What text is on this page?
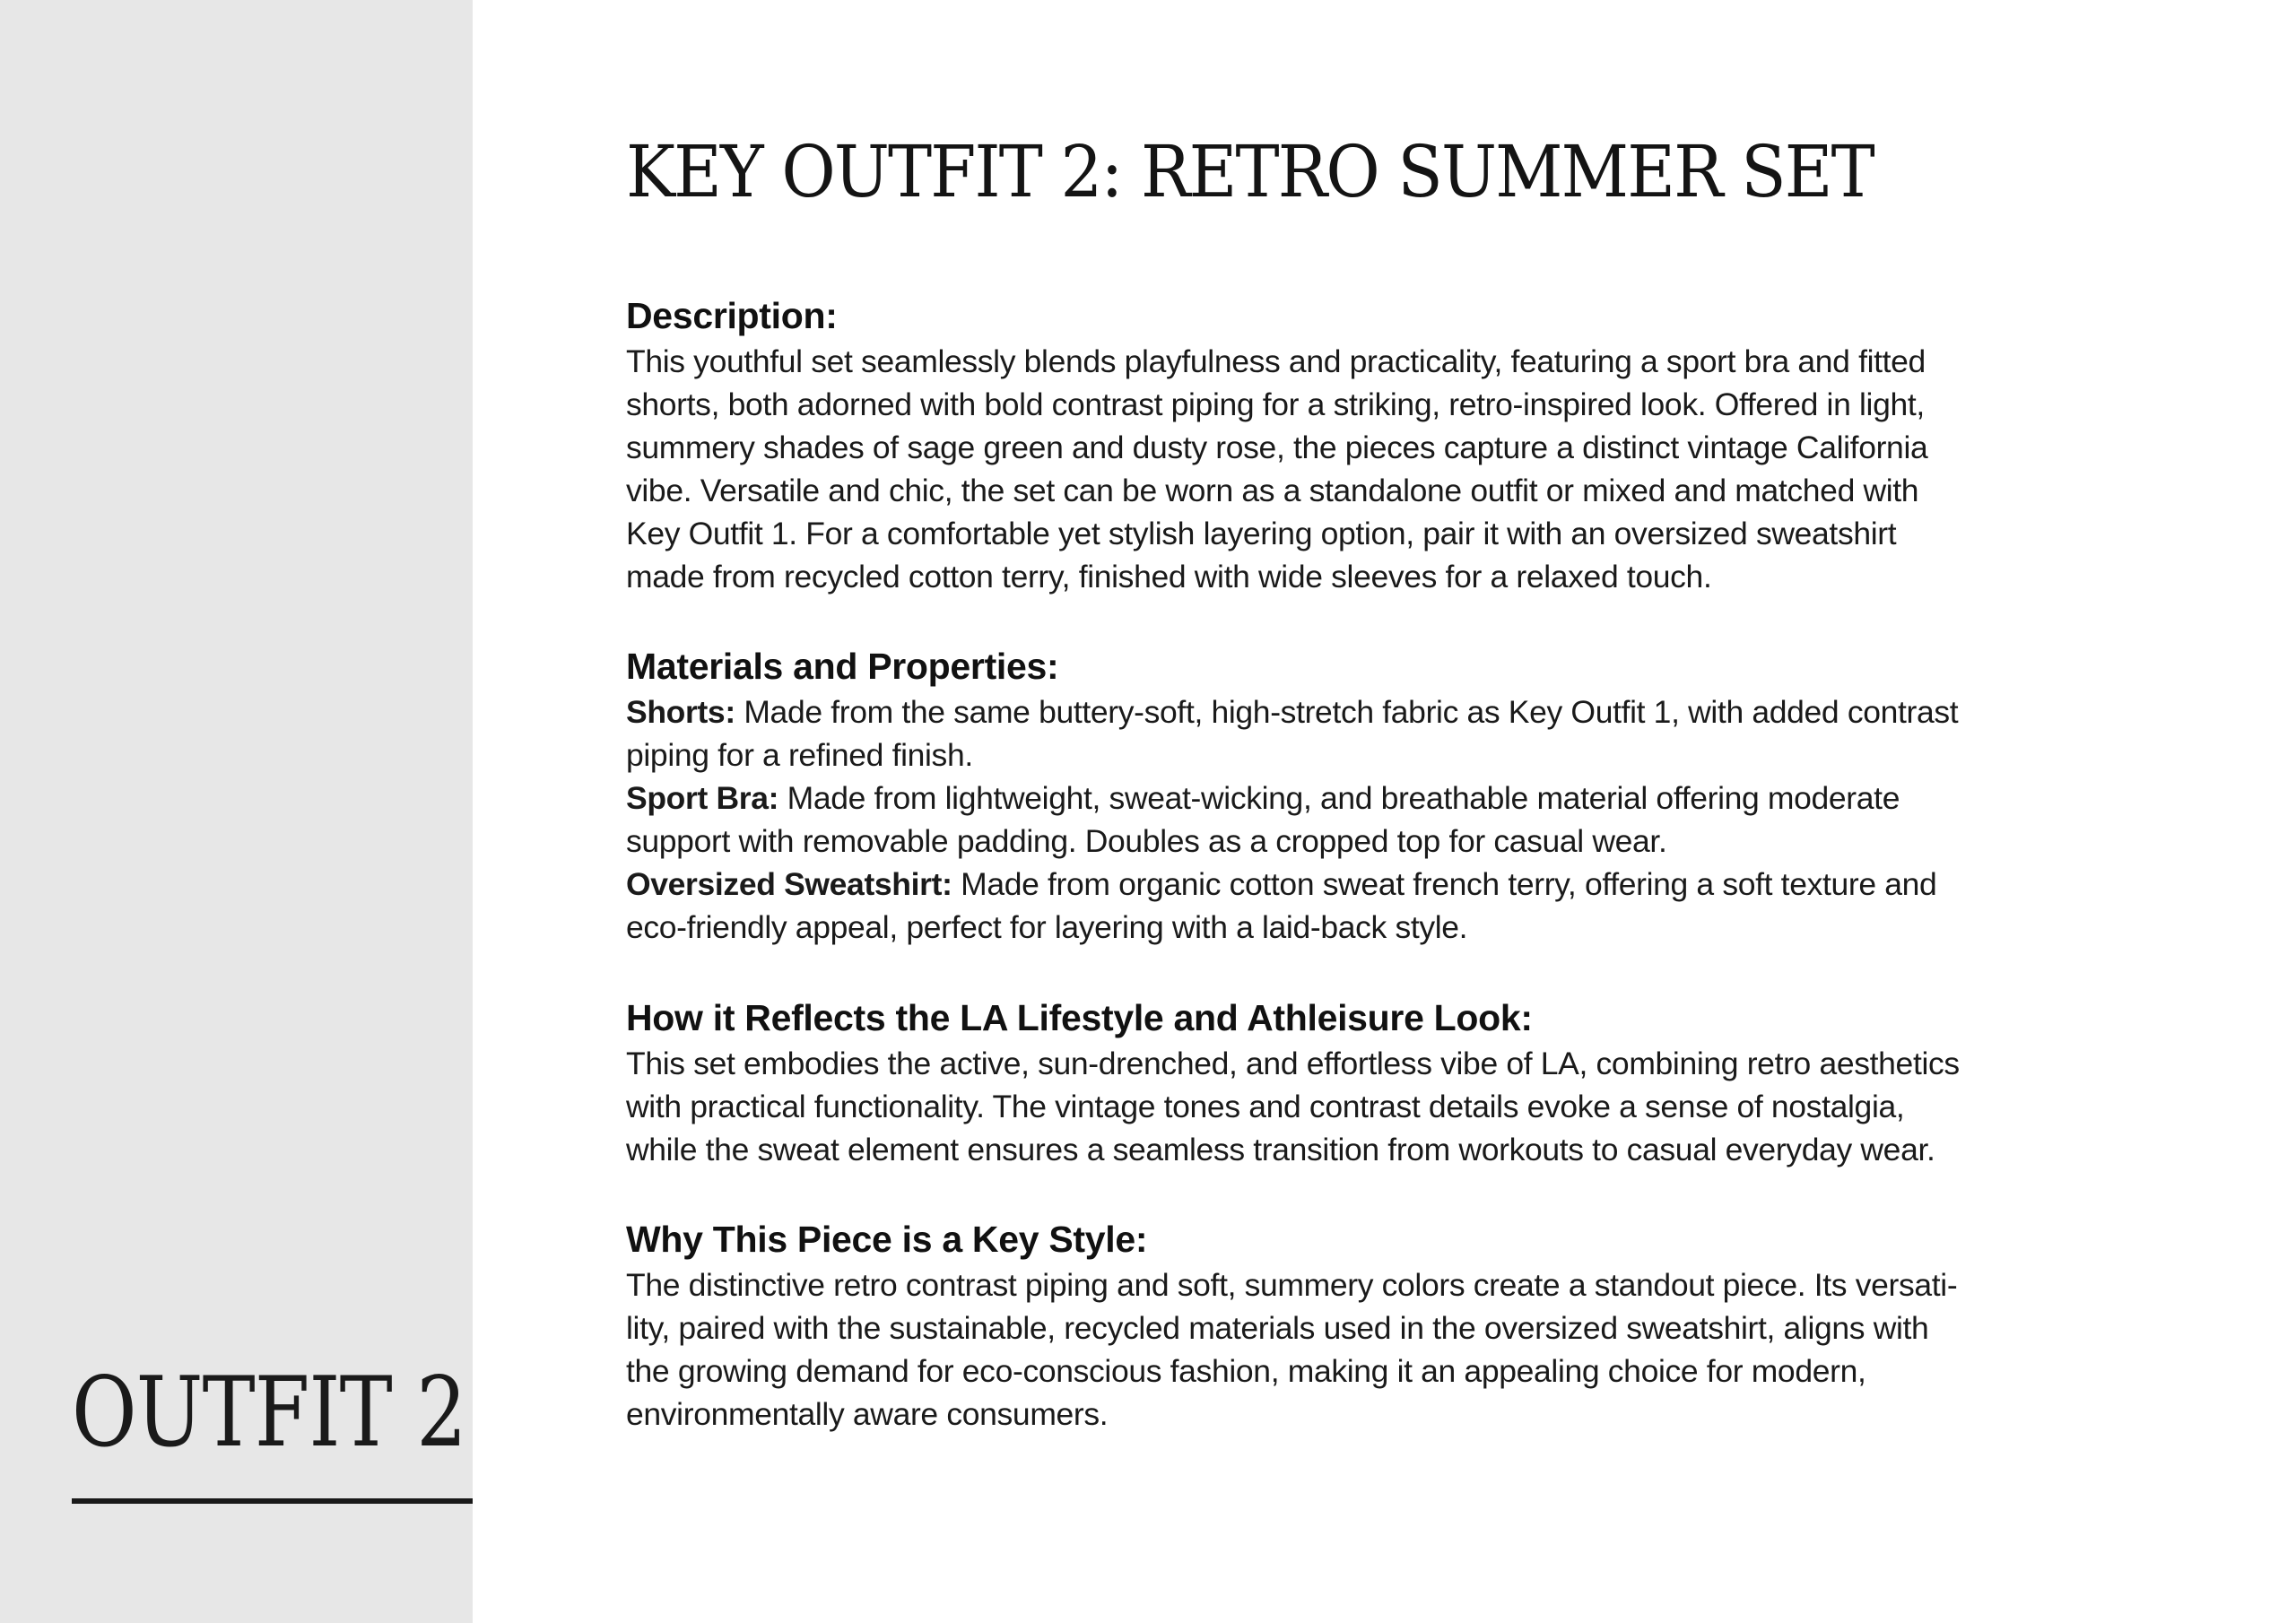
OUTFIT 2
KEY OUTFIT 2: RETRO SUMMER SET
Description:

This youthful set seamlessly blends playfulness and practicality, featuring a sport bra and fitted

shorts, both adorned with bold contrast piping for a striking, retro-inspired look. Offered in light,

summery shades of sage green and dusty rose, the pieces capture a distinct vintage California

vibe. Versatile and chic, the set can be worn as a standalone outfit or mixed and matched with

Key Outfit 1. For a comfortable yet stylish layering option, pair it with an oversized sweatshirt

made from recycled cotton terry, finished with wide sleeves for a relaxed touch.

Materials and Properties:

Shorts: Made from the same buttery-soft, high-stretch fabric as Key Outfit 1, with added contrast

piping for a refined finish.

Sport Bra: Made from lightweight, sweat-wicking, and breathable material offering moderate

support with removable padding. Doubles as a cropped top for casual wear.

Oversized Sweatshirt: Made from organic cotton sweat french terry, offering a soft texture and

eco-friendly appeal, perfect for layering with a laid-back style.

How it Reflects the LA Lifestyle and Athleisure Look:

This set embodies the active, sun-drenched, and effortless vibe of LA, combining retro aesthetics

with practical functionality. The vintage tones and contrast details evoke a sense of nostalgia,

while the sweat element ensures a seamless transition from workouts to casual everyday wear.

Why This Piece is a Key Style:

The distinctive retro contrast piping and soft, summery colors create a standout piece. Its versati-

lity, paired with the sustainable, recycled materials used in the oversized sweatshirt, aligns with

the growing demand for eco-conscious fashion, making it an appealing choice for modern,

environmentally aware consumers.
